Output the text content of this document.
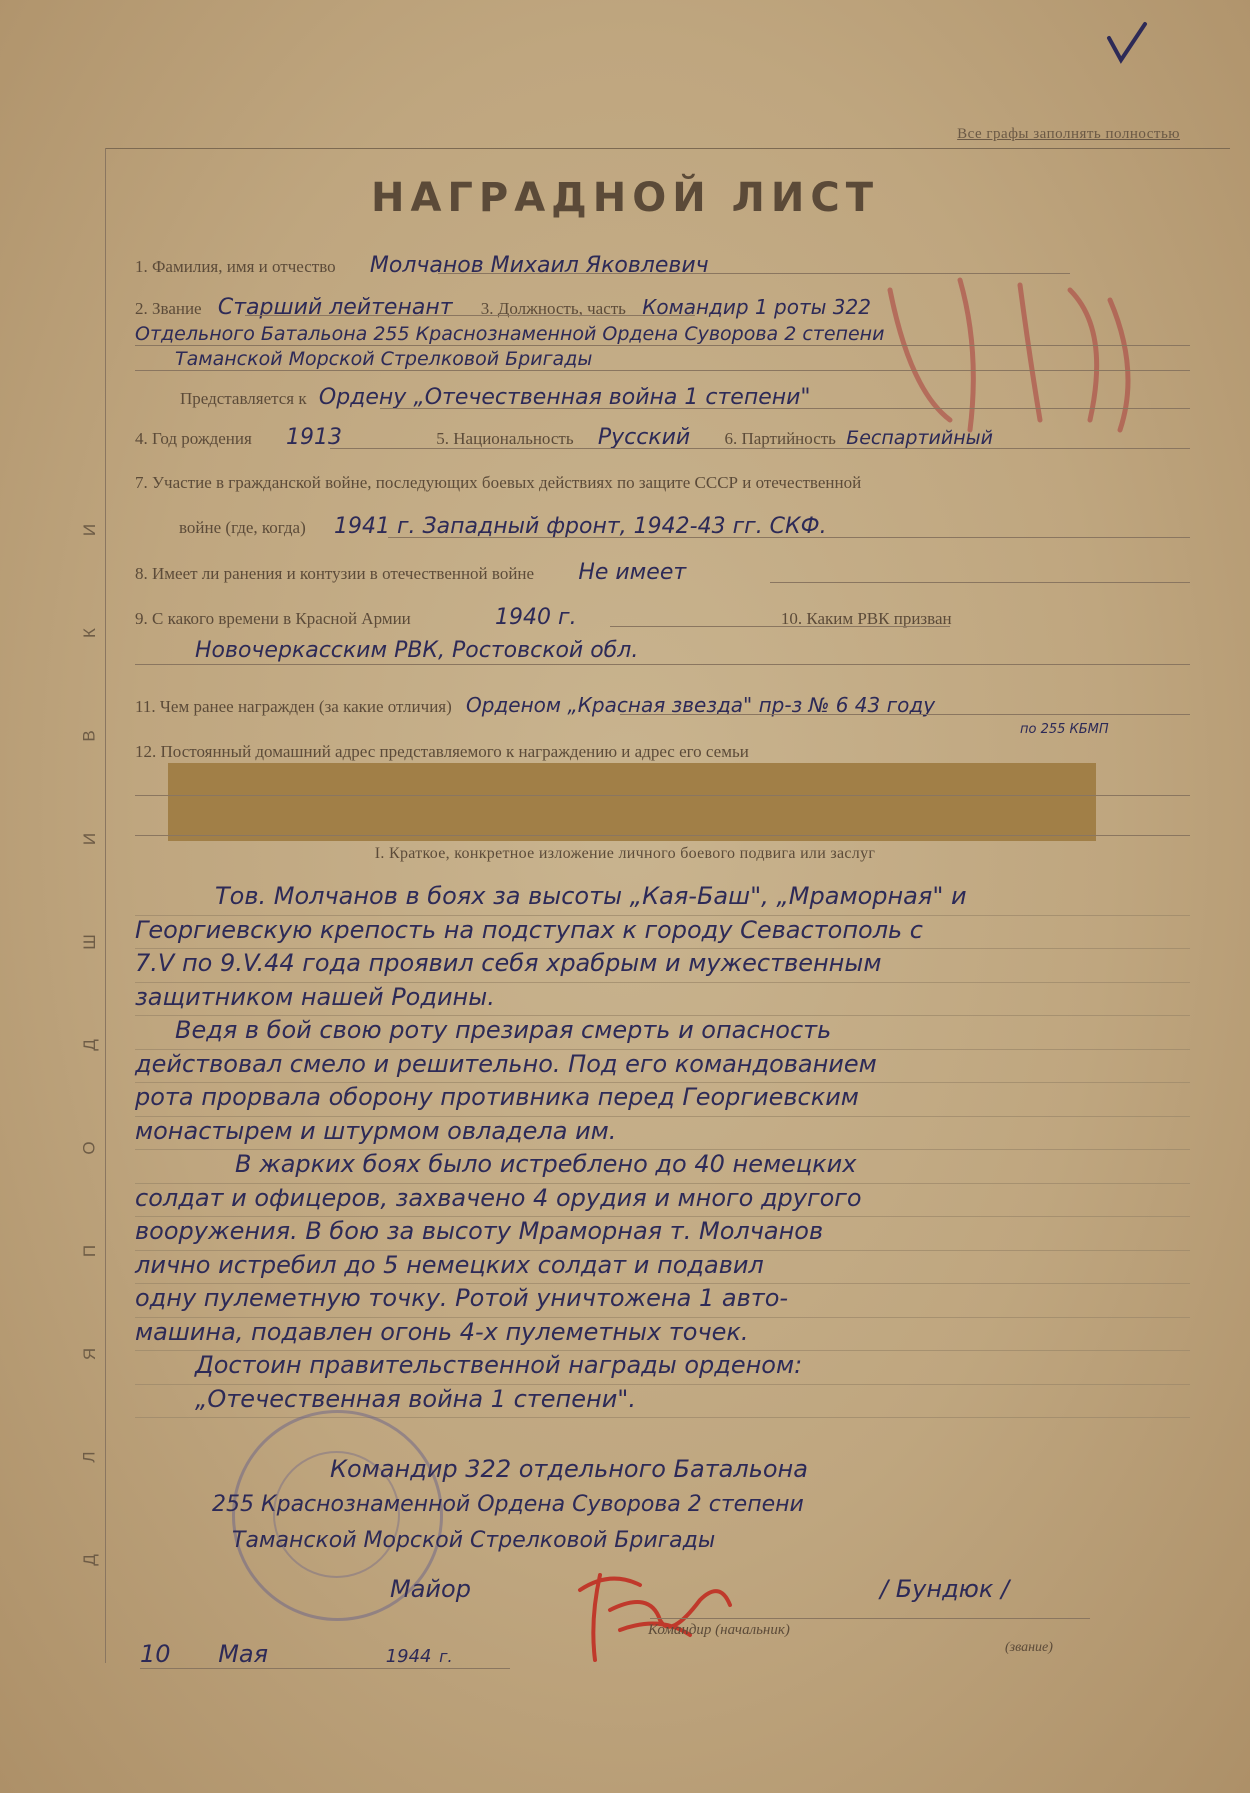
Все графы заполнять полностью
И
К
В
И
Ш
Д
О
П
Я
Л
Д
НАГРАДНОЙ ЛИСТ
1. Фамилия, имя и отчество Молчанов Михаил Яковлевич
2. Звание Старший лейтенант 3. Должность, часть Командир 1 роты 322
Отдельного Батальона 255 Краснознаменной Ордена Суворова 2 степени
Таманской Морской Стрелковой Бригады
Представляется к Ордену „Отечественная война 1 степени"
4. Год рождения 1913	5. Национальность Русский 6. Партийность Беспартийный
7. Участие в гражданской войне, последующих боевых действиях по защите СССР и отечественной
войне (где, когда) 1941 г. Западный фронт, 1942-43 гг. СКФ.
8. Имеет ли ранения и контузии в отечественной войне Не имеет
9. С какого времени в Красной Армии	1940 г.	10. Каким РВК призван
Новочеркасским РВК, Ростовской обл.
11. Чем ранее награжден (за какие отличия) Орденом „Красная звезда" пр-з № 6 43 году
по 255 КБМП
12. Постоянный домашний адрес представляемого к награждению и адрес его семьи
I. Краткое, конкретное изложение личного боевого подвига или заслуг

Тов. Молчанов в боях за высоты „Кая-Баш", „Мраморная" и

Георгиевскую крепость на подступах к городу Севастополь с

7.V по 9.V.44 года проявил себя храбрым и мужественным

защитником нашей Родины.

Ведя в бой свою роту презирая смерть и опасность

действовал смело и решительно. Под его командованием

рота прорвала оборону противника перед Георгиевским

монастырем и штурмом овладела им.

В жарких боях было истреблено до 40 немецких

солдат и офицеров, захвачено 4 орудия и много другого

вооружения. В бою за высоту Мраморная т. Молчанов

лично истребил до 5 немецких солдат и подавил

одну пулеметную точку. Ротой уничтожена 1 авто-

машина, подавлен огонь 4-х пулеметных точек.

Достоин правительственной награды орденом:

„Отечественная война 1 степени".

Командир 322 отдельного Батальона
255 Краснознаменной Ордена Суворова 2 степени
Таманской Морской Стрелковой Бригады
Майор	/ Бундюк /
Командир (начальник)
(звание)
10 Мая	1944 г.
